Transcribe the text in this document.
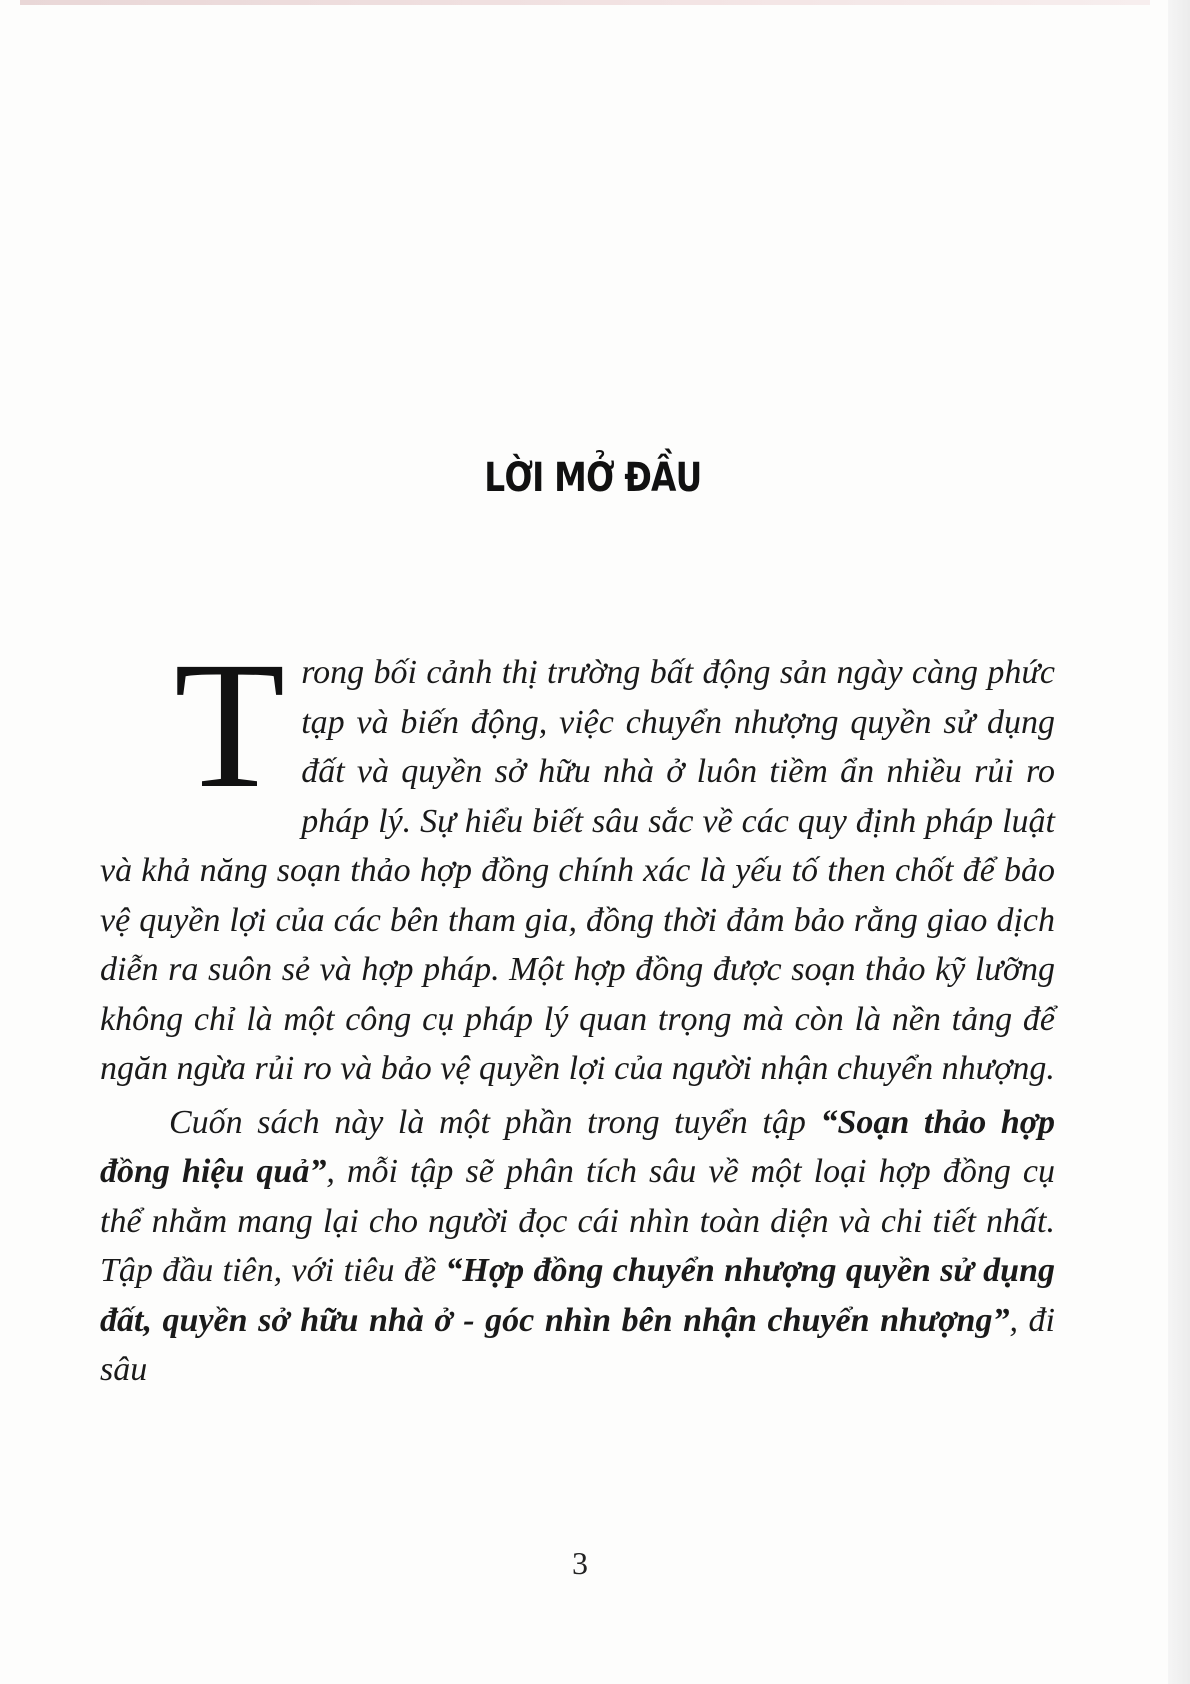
LỜI MỞ ĐẦU

Trong bối cảnh thị trường bất động sản ngày càng phức tạp và biến động, việc chuyển nhượng quyền sử dụng đất và quyền sở hữu nhà ở luôn tiềm ẩn nhiều rủi ro pháp lý. Sự hiểu biết sâu sắc về các quy định pháp luật và khả năng soạn thảo hợp đồng chính xác là yếu tố then chốt để bảo vệ quyền lợi của các bên tham gia, đồng thời đảm bảo rằng giao dịch diễn ra suôn sẻ và hợp pháp. Một hợp đồng được soạn thảo kỹ lưỡng không chỉ là một công cụ pháp lý quan trọng mà còn là nền tảng để ngăn ngừa rủi ro và bảo vệ quyền lợi của người nhận chuyển nhượng.

Cuốn sách này là một phần trong tuyển tập “Soạn thảo hợp đồng hiệu quả”, mỗi tập sẽ phân tích sâu về một loại hợp đồng cụ thể nhằm mang lại cho người đọc cái nhìn toàn diện và chi tiết nhất. Tập đầu tiên, với tiêu đề “Hợp đồng chuyển nhượng quyền sử dụng đất, quyền sở hữu nhà ở - góc nhìn bên nhận chuyển nhượng”, đi sâu

3
